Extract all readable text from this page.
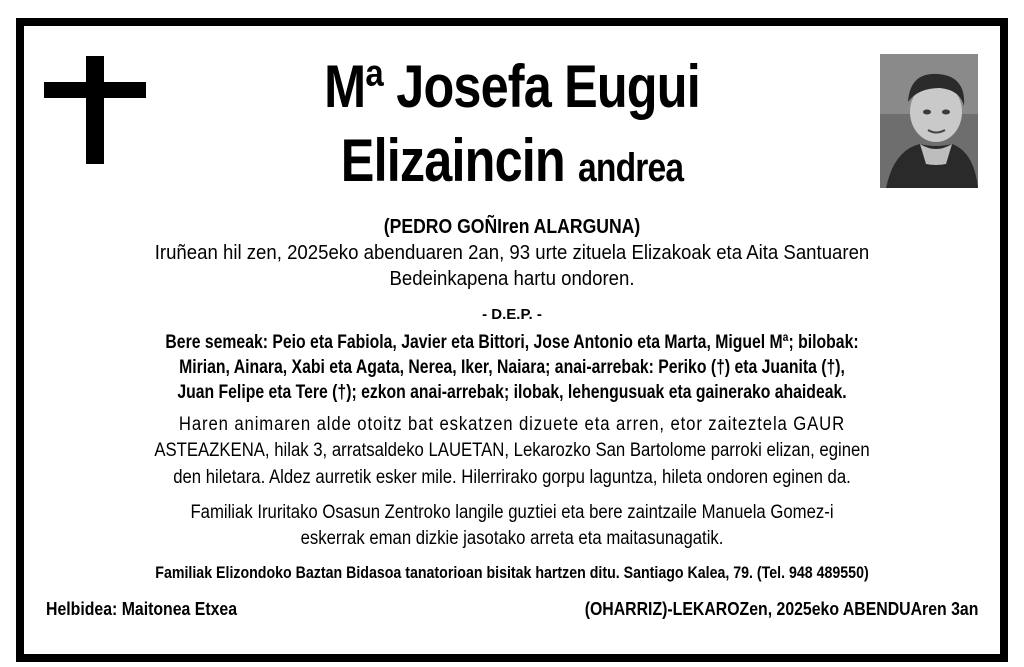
Mª Josefa Eugui
Elizaincin andrea
(PEDRO GOÑIren ALARGUNA)
Iruñean hil zen, 2025eko abenduaren 2an, 93 urte zituela Elizakoak eta Aita Santuaren
Bedeinkapena hartu ondoren.
- D.E.P. -
Bere semeak: Peio eta Fabiola, Javier eta Bittori, Jose Antonio eta Marta, Miguel Mª; bilobak:
Mirian, Ainara, Xabi eta Agata, Nerea, Iker, Naiara; anai-arrebak: Periko (†) eta Juanita (†),
Juan Felipe eta Tere (†); ezkon anai-arrebak; ilobak, lehengusuak eta gainerako ahaideak.
Haren animaren alde otoitz bat eskatzen dizuete eta arren, etor zaiteztela GAUR
ASTEAZKENA, hilak 3, arratsaldeko LAUETAN, Lekarozko San Bartolome parroki elizan, eginen
den hiletara. Aldez aurretik esker mile. Hilerrirako gorpu laguntza, hileta ondoren eginen da.
Familiak Iruritako Osasun Zentroko langile guztiei eta bere zaintzaile Manuela Gomez-i
eskerrak eman dizkie jasotako arreta eta maitasunagatik.
Familiak Elizondoko Baztan Bidasoa tanatorioan bisitak hartzen ditu. Santiago Kalea, 79. (Tel. 948 489550)
Helbidea: Maitonea Etxea	(OHARRIZ)-LEKAROZen, 2025eko ABENDUAren 3an
